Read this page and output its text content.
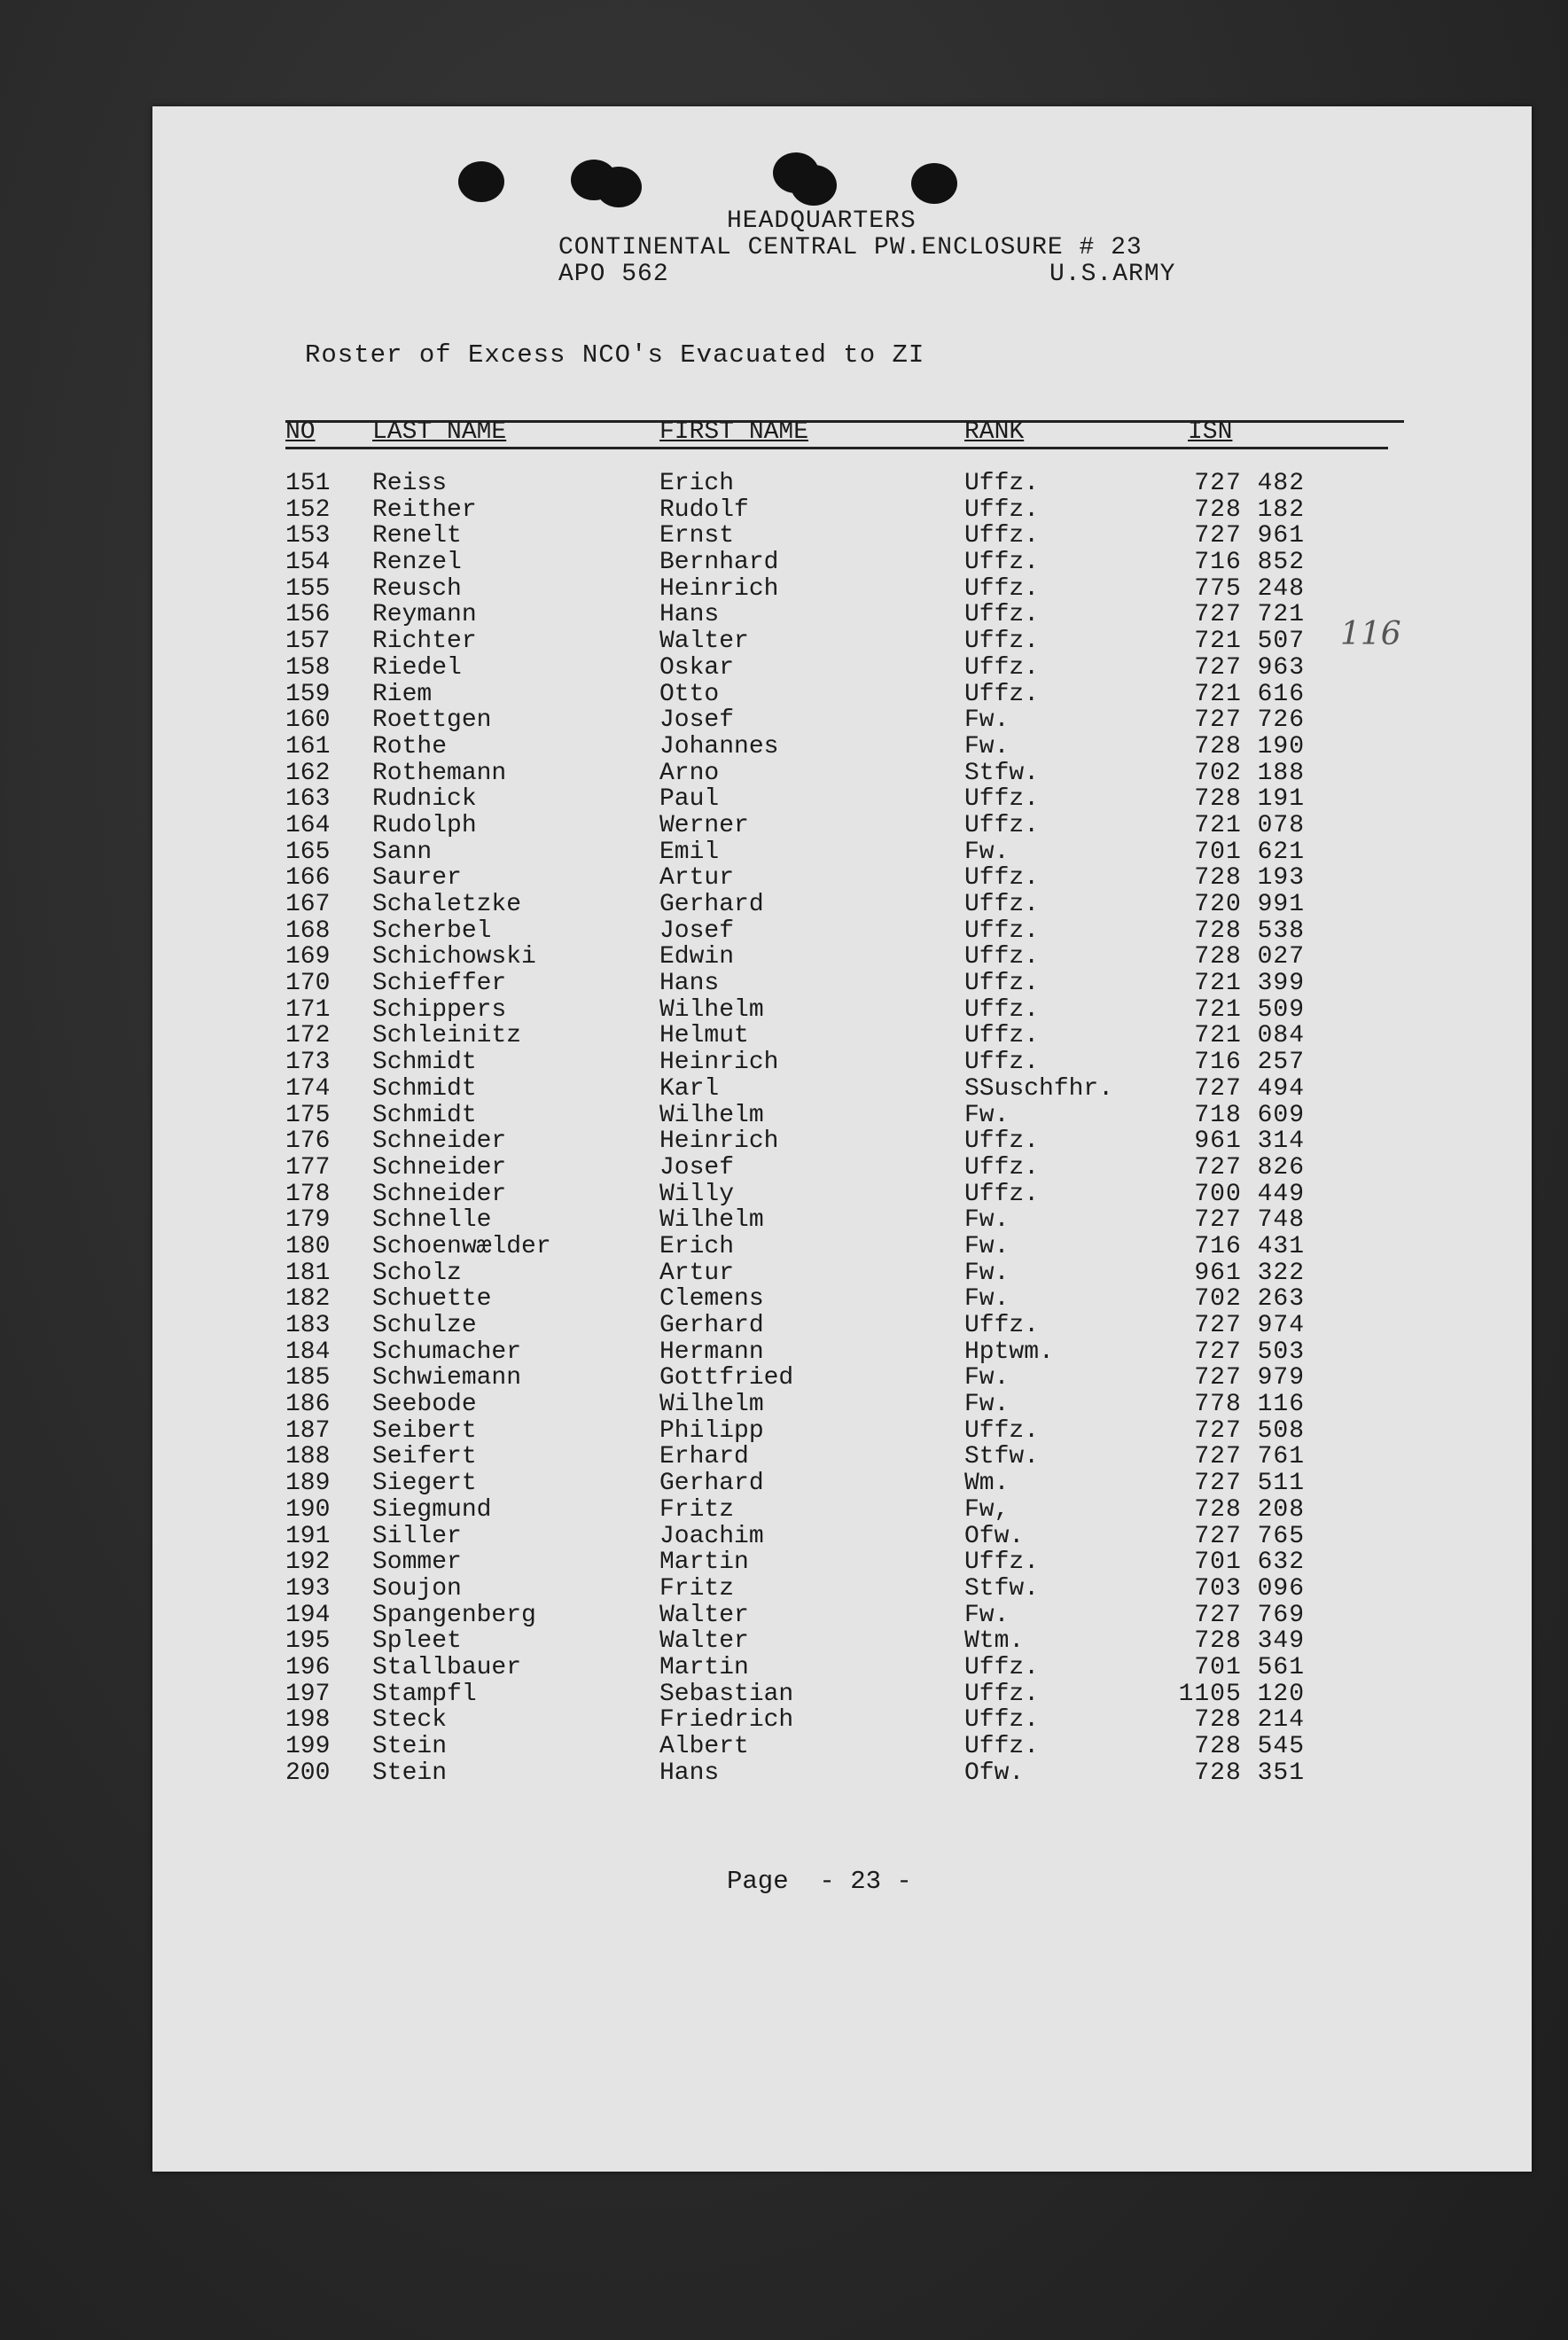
HEADQUARTERS
CONTINENTAL CENTRAL PW.ENCLOSURE # 23
APO 562	U.S.ARMY
Roster of Excess NCO's Evacuated to ZI
NO LAST NAME	FIRST NAME	RANK	ISN
151 Reiss	Erich	Uffz.	727 482
152 Reither	Rudolf	Uffz.	728 182
153 Renelt	Ernst	Uffz.	727 961
154 Renzel	Bernhard	Uffz.	716 852
155 Reusch	Heinrich	Uffz.	775 248
156 Reymann	Hans	Uffz.	727 721
157 Richter	Walter	Uffz.	721 507
158 Riedel	Oskar	Uffz.	727 963
159 Riem	Otto	Uffz.	721 616
160 Roettgen	Josef	Fw.	727 726
161 Rothe	Johannes	Fw.	728 190
162 Rothemann	Arno	Stfw.	702 188
163 Rudnick	Paul	Uffz.	728 191
164 Rudolph	Werner	Uffz.	721 078
165 Sann	Emil	Fw.	701 621
166 Saurer	Artur	Uffz.	728 193
167 Schaletzke	Gerhard	Uffz.	720 991
168 Scherbel	Josef	Uffz.	728 538
169 Schichowski	Edwin	Uffz.	728 027
170 Schieffer	Hans	Uffz.	721 399
171 Schippers	Wilhelm	Uffz.	721 509
172 Schleinitz	Helmut	Uffz.	721 084
173 Schmidt	Heinrich	Uffz.	716 257
174 Schmidt	Karl	SSuschfhr.	727 494
175 Schmidt	Wilhelm	Fw.	718 609
176 Schneider	Heinrich	Uffz.	961 314
177 Schneider	Josef	Uffz.	727 826
178 Schneider	Willy	Uffz.	700 449
179 Schnelle	Wilhelm	Fw.	727 748
180 Schoenwælder	Erich	Fw.	716 431
181 Scholz	Artur	Fw.	961 322
182 Schuette	Clemens	Fw.	702 263
183 Schulze	Gerhard	Uffz.	727 974
184 Schumacher	Hermann	Hptwm.	727 503
185 Schwiemann	Gottfried	Fw.	727 979
186 Seebode	Wilhelm	Fw.	778 116
187 Seibert	Philipp	Uffz.	727 508
188 Seifert	Erhard	Stfw.	727 761
189 Siegert	Gerhard	Wm.	727 511
190 Siegmund	Fritz	Fw,	728 208
191 Siller	Joachim	Ofw.	727 765
192 Sommer	Martin	Uffz.	701 632
193 Soujon	Fritz	Stfw.	703 096
194 Spangenberg	Walter	Fw.	727 769
195 Spleet	Walter	Wtm.	728 349
196 Stallbauer	Martin	Uffz.	701 561
197 Stampfl	Sebastian	Uffz.	1105 120
198 Steck	Friedrich	Uffz.	728 214
199 Stein	Albert	Uffz.	728 545
200 Stein	Hans	Ofw.	728 351
116
Page  - 23 -
